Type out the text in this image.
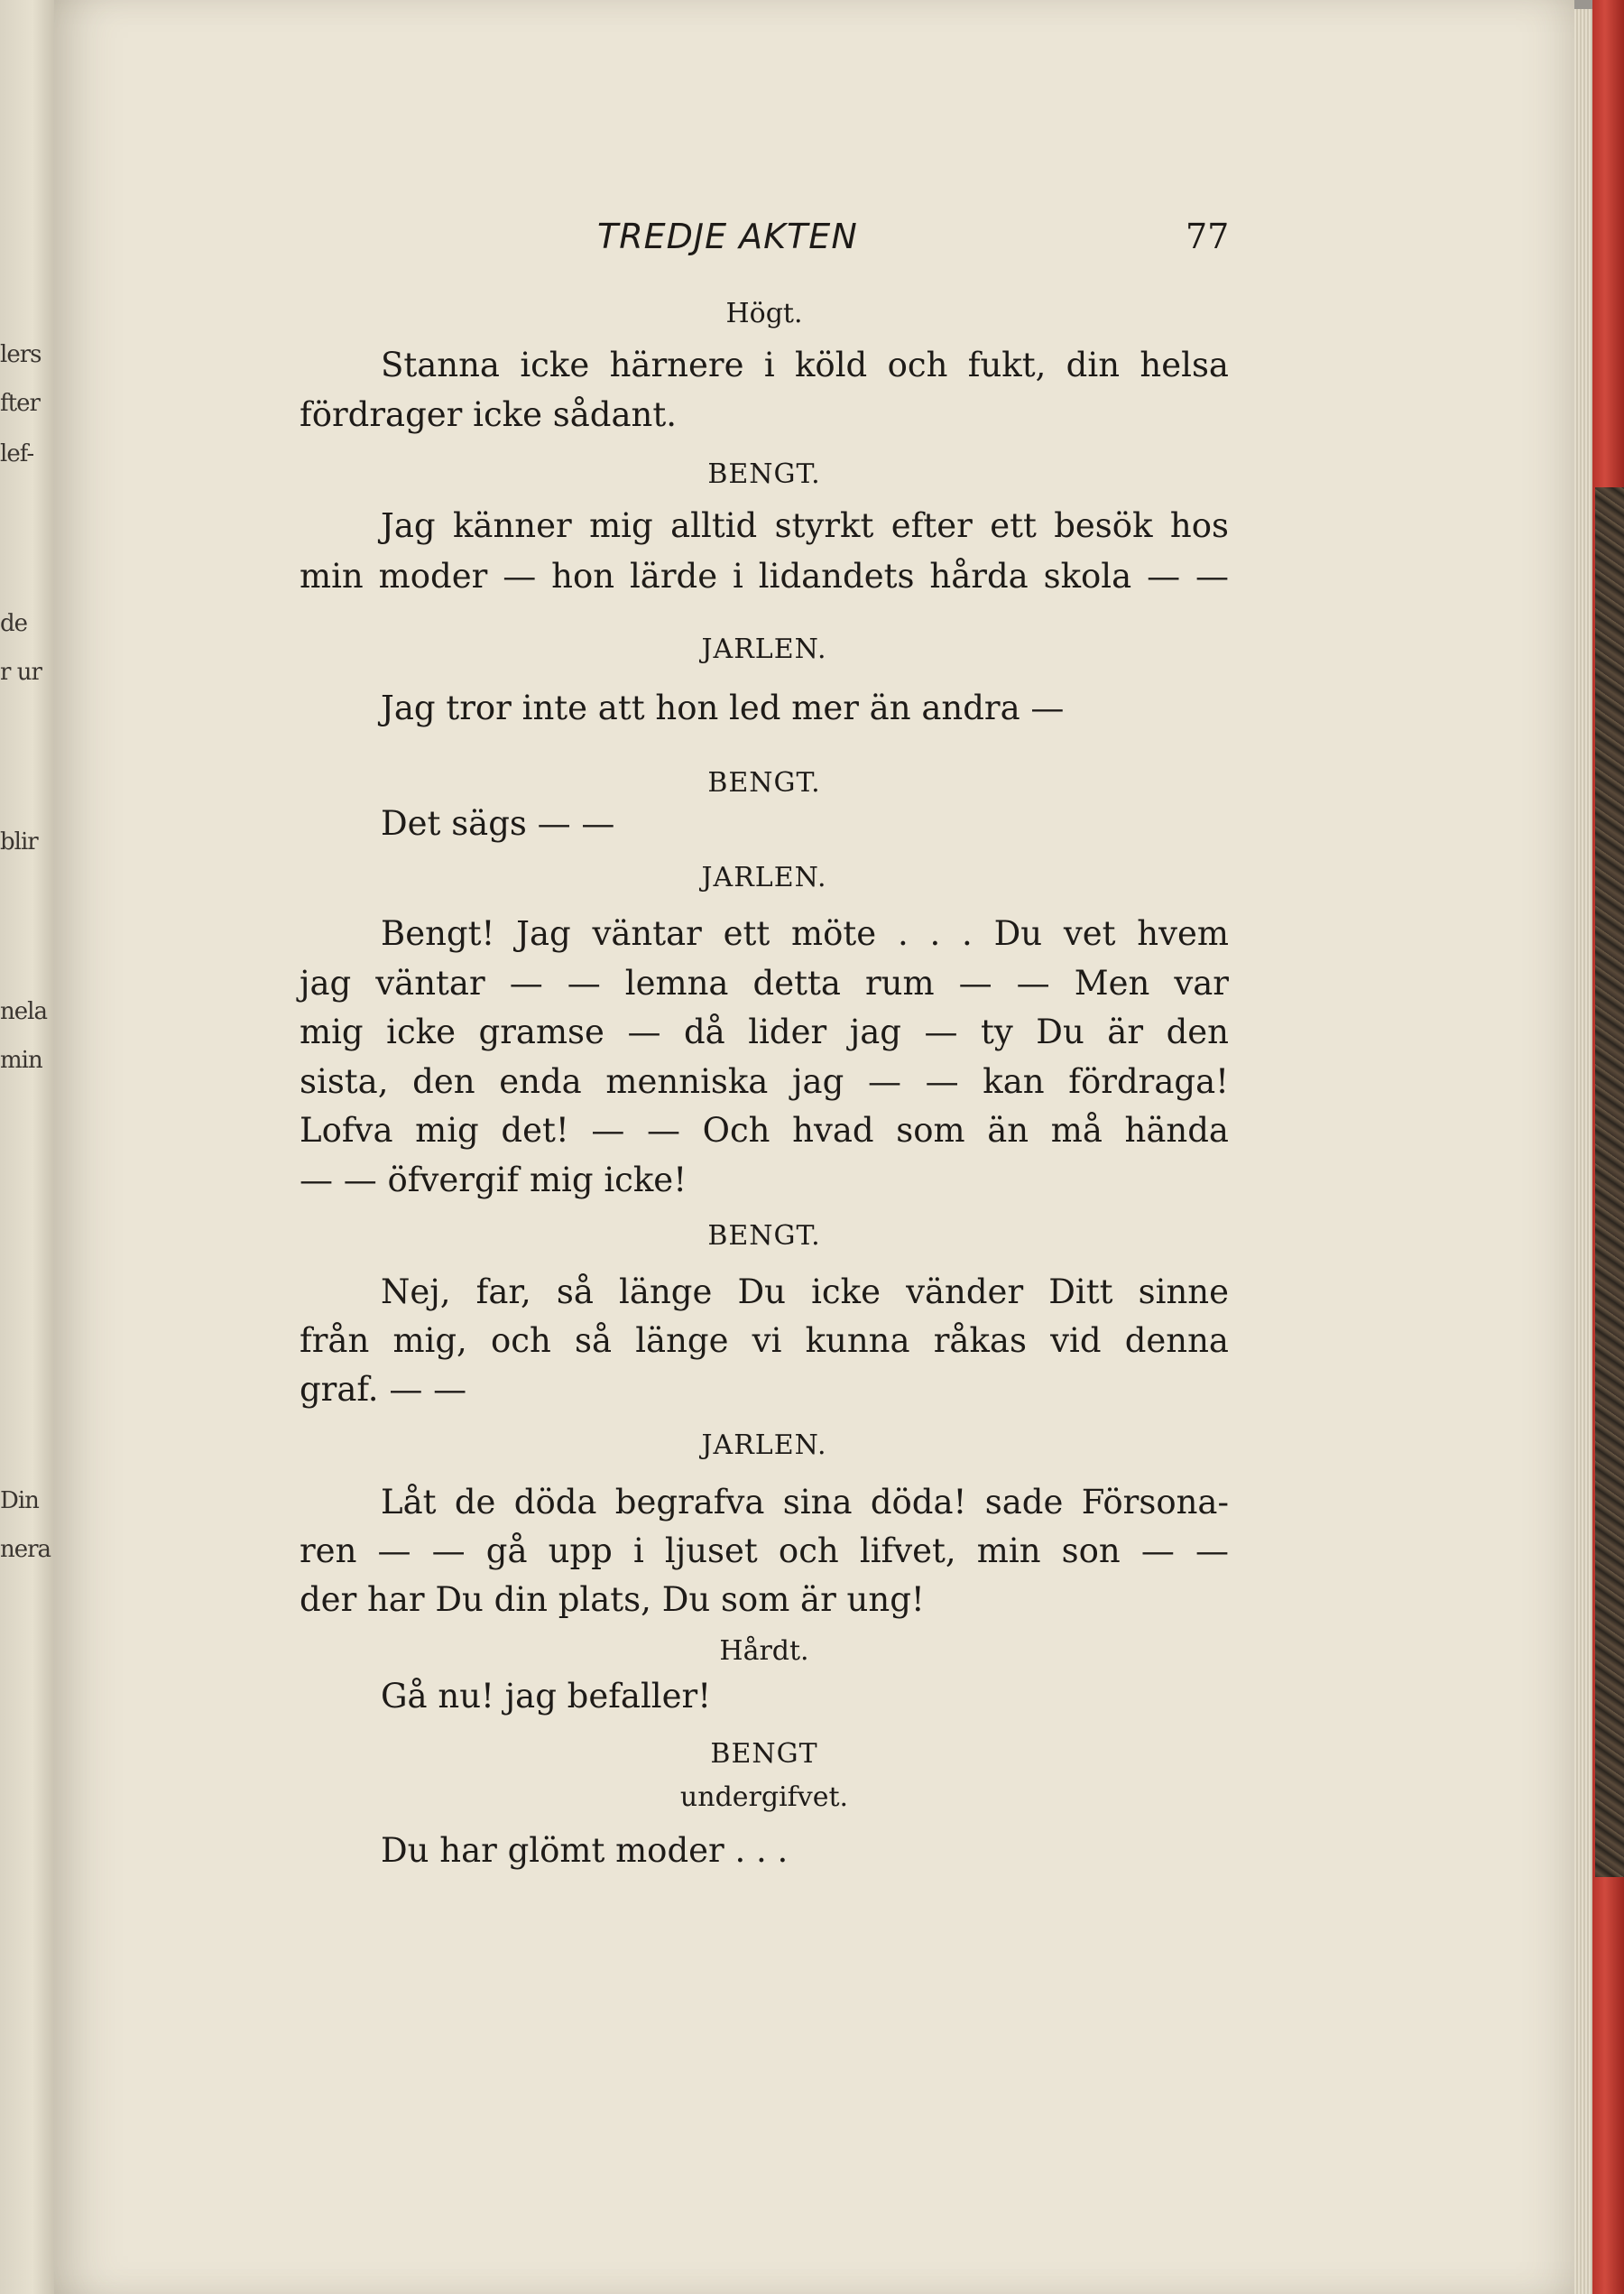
lers
fter
lef-
de
r ur
blir
nela
min
Din
nera
TREDJE AKTEN	77
Högt.
Stanna icke härnere i köld och fukt, din helsa
fördrager icke sådant.
BENGT.
Jag känner mig alltid styrkt efter ett besök hos
min moder — hon lärde i lidandets hårda skola — —
JARLEN.
Jag tror inte att hon led mer än andra —
BENGT.
Det sägs — —
JARLEN.
Bengt! Jag väntar ett möte . . . Du vet hvem
jag väntar — — lemna detta rum — — Men var
mig icke gramse — då lider jag — ty Du är den
sista, den enda menniska jag — — kan fördraga!
Lofva mig det! — — Och hvad som än må hända
— — öfvergif mig icke!
BENGT.
Nej, far, så länge Du icke vänder Ditt sinne
från mig, och så länge vi kunna råkas vid denna
graf. — —
JARLEN.
Låt de döda begrafva sina döda! sade Försona-
ren — — gå upp i ljuset och lifvet, min son — —
der har Du din plats, Du som är ung!
Hårdt.
Gå nu! jag befaller!
BENGT
undergifvet.
Du har glömt moder . . .
